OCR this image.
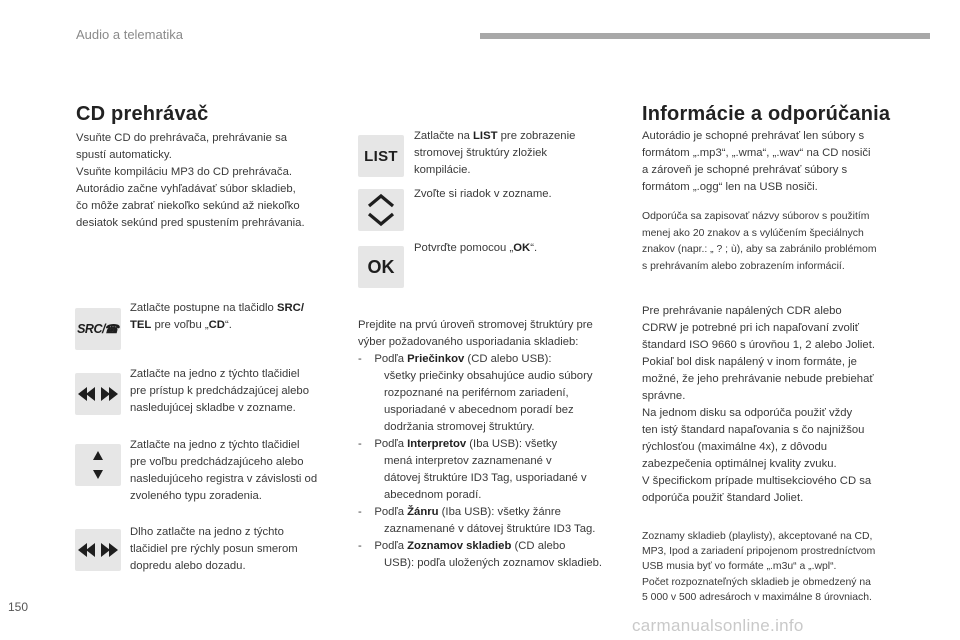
Audio a telematika
CD prehrávač
Vsuňte CD do prehrávača, prehrávanie sa
spustí automaticky.
Vsuňte kompiláciu MP3 do CD prehrávača.
Autorádio začne vyhľadávať súbor skladieb,
čo môže zabrať niekoľko sekúnd až niekoľko
desiatok sekúnd pred spustením prehrávania.
SRC/ ☎
Zatlačte postupne na tlačidlo SRC/
TEL pre voľbu „CD“.
Zatlačte na jedno z týchto tlačidiel
pre prístup k predchádzajúcej alebo
nasledujúcej skladbe v zozname.
Zatlačte na jedno z týchto tlačidiel
pre voľbu predchádzajúceho alebo
nasledujúceho registra v závislosti od
zvoleného typu zoradenia.
Dlho zatlačte na jedno z týchto
tlačidiel pre rýchly posun smerom
dopredu alebo dozadu.
LIST
Zatlačte na LIST pre zobrazenie
stromovej štruktúry zložiek
kompilácie.
Zvoľte si riadok v zozname.
OK
Potvrďte pomocou „OK“.
Prejdite na prvú úroveň stromovej štruktúry pre
výber požadovaného usporiadania skladieb:
-    Podľa Priečinkov (CD alebo USB):
všetky priečinky obsahujúce audio súbory
rozpoznané na periférnom zariadení,
usporiadané v abecednom poradí bez
dodržania stromovej štruktúry.
-    Podľa Interpretov (Iba USB): všetky
mená interpretov zaznamenané v
dátovej štruktúre ID3 Tag, usporiadané v
abecednom poradí.
-    Podľa Žánru (Iba USB): všetky žánre
zaznamenané v dátovej štruktúre ID3 Tag.
-    Podľa Zoznamov skladieb (CD alebo
USB): podľa uložených zoznamov skladieb.
Informácie a odporúčania
Autorádio je schopné prehrávať len súbory s
formátom „.mp3“, „.wma“, „.wav“ na CD nosiči
a zároveň je schopné prehrávať súbory s
formátom „.ogg“ len na USB nosiči.
Odporúča sa zapisovať názvy súborov s použitím
menej ako 20 znakov a s vylúčením špeciálnych
znakov (napr.: „ ? ; ù), aby sa zabránilo problémom
s prehrávaním alebo zobrazením informácií.
Pre prehrávanie napálených CDR alebo
CDRW je potrebné pri ich napaľovaní zvoliť
štandard ISO 9660 s úrovňou 1, 2 alebo Joliet.
Pokiaľ bol disk napálený v inom formáte, je
možné, že jeho prehrávanie nebude prebiehať
správne.
Na jednom disku sa odporúča použiť vždy
ten istý štandard napaľovania s čo najnižšou
rýchlosťou (maximálne 4x), z dôvodu
zabezpečenia optimálnej kvality zvuku.
V špecifickom prípade multisekciového CD sa
odporúča použiť štandard Joliet.
Zoznamy skladieb (playlisty), akceptované na CD,
MP3, Ipod a zariadení pripojenom prostredníctvom
USB musia byť vo formáte „.m3u“ a „.wpl“.
Počet rozpoznateľných skladieb je obmedzený na
5 000 v 500 adresároch v maximálne 8 úrovniach.
150
carmanualsonline.info
